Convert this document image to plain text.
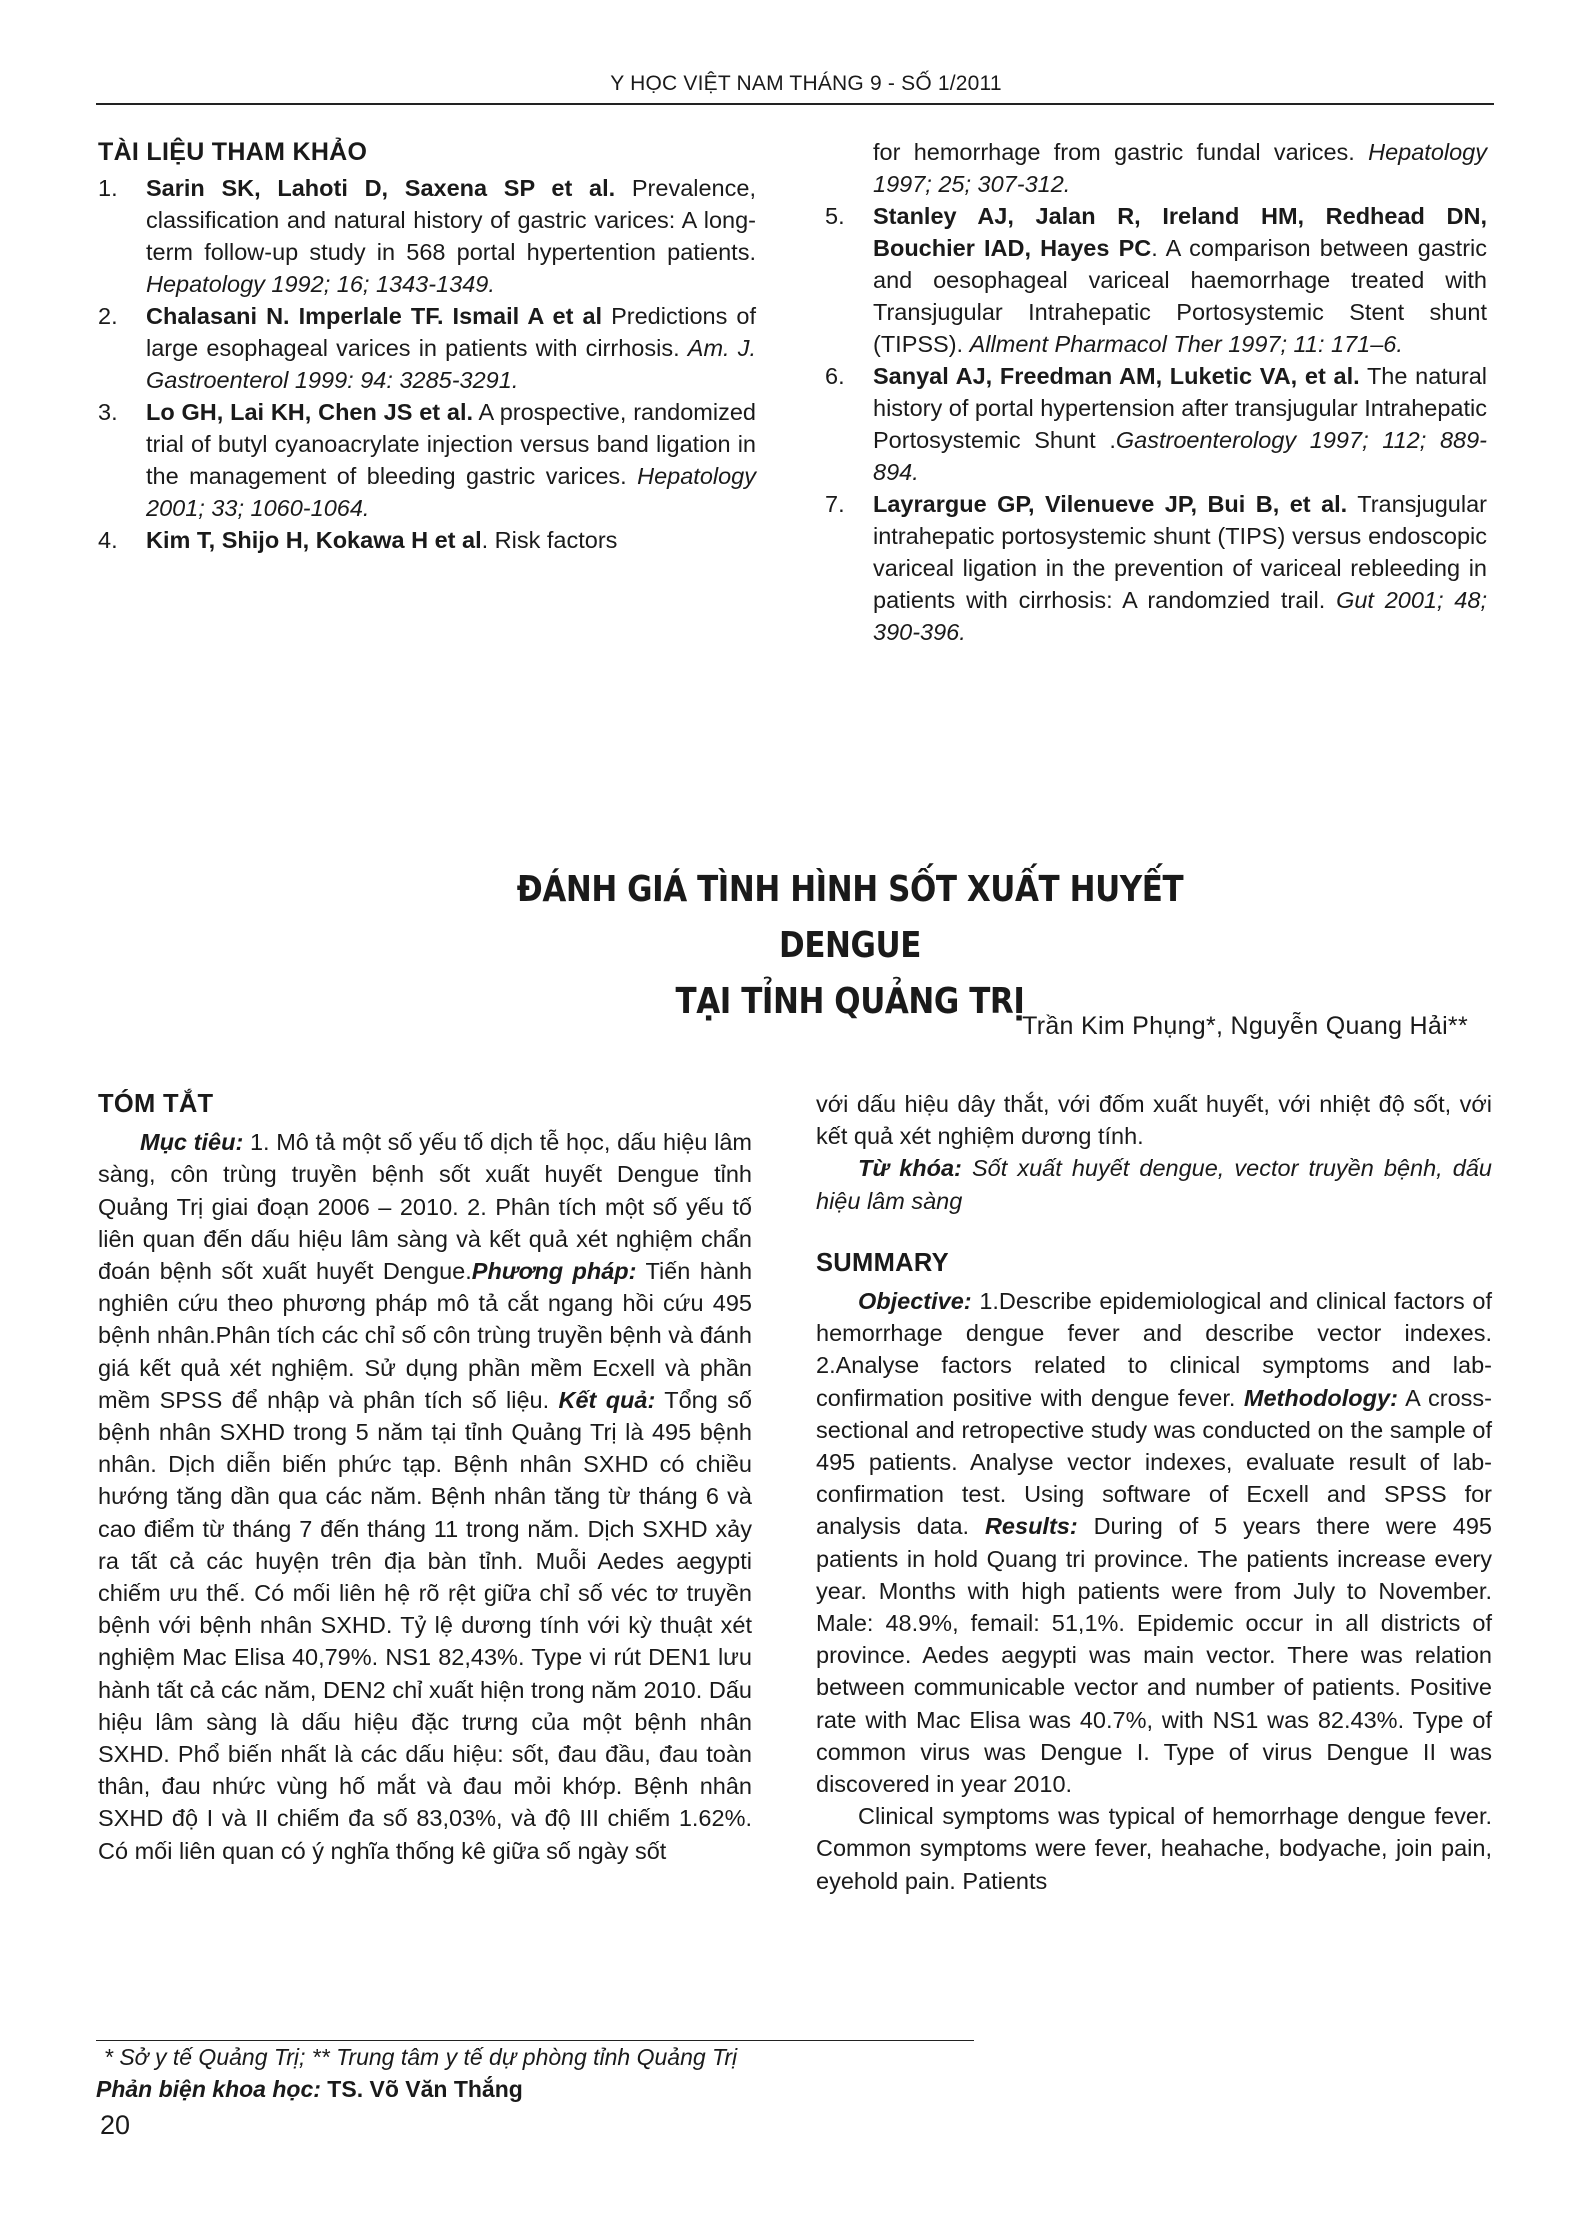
Y HỌC VIỆT NAM THÁNG 9 - SỐ 1/2011
TÀI LIỆU THAM KHẢO

1. Sarin SK, Lahoti D, Saxena SP et al. Prevalence, classification and natural history of gastric varices: A long-term follow-up study in 568 portal hypertention patients. Hepatology 1992; 16; 1343-1349.

2. Chalasani N. Imperlale TF. Ismail A et al Predictions of large esophageal varices in patients with cirrhosis. Am. J. Gastroenterol 1999: 94: 3285-3291.

3. Lo GH, Lai KH, Chen JS et al. A prospective, randomized trial of butyl cyanoacrylate injection versus band ligation in the management of bleeding gastric varices. Hepatology 2001; 33; 1060-1064.

4. Kim T, Shijo H, Kokawa H et al. Risk factors

for hemorrhage from gastric fundal varices. Hepatology 1997; 25; 307-312.

5. Stanley AJ, Jalan R, Ireland HM, Redhead DN, Bouchier IAD, Hayes PC. A comparison between gastric and oesophageal variceal haemorrhage treated with Transjugular Intrahepatic Portosystemic Stent shunt (TIPSS). Allment Pharmacol Ther 1997; 11: 171–6.

6. Sanyal AJ, Freedman AM, Luketic VA, et al. The natural history of portal hypertension after transjugular Intrahepatic Portosystemic Shunt .Gastroenterology 1997; 112; 889-894.

7. Layrargue GP, Vilenueve JP, Bui B, et al. Transjugular intrahepatic portosystemic shunt (TIPS) versus endoscopic variceal ligation in the prevention of variceal rebleeding in patients with cirrhosis: A randomzied trail. Gut 2001; 48; 390-396.

ĐÁNH GIÁ TÌNH HÌNH SỐT XUẤT HUYẾT DENGUE
TẠI TỈNH QUẢNG TRỊ
Trần Kim Phụng*, Nguyễn Quang Hải**
TÓM TẮT

Mục tiêu: 1. Mô tả một số yếu tố dịch tễ học, dấu hiệu lâm sàng, côn trùng truyền bệnh sốt xuất huyết Dengue tỉnh Quảng Trị giai đoạn 2006 – 2010. 2. Phân tích một số yếu tố liên quan đến dấu hiệu lâm sàng và kết quả xét nghiệm chẩn đoán bệnh sốt xuất huyết Dengue.Phương pháp: Tiến hành nghiên cứu theo phương pháp mô tả cắt ngang hồi cứu 495 bệnh nhân.Phân tích các chỉ số côn trùng truyền bệnh và đánh giá kết quả xét nghiệm. Sử dụng phần mềm Ecxell và phần mềm SPSS để nhập và phân tích số liệu. Kết quả: Tổng số bệnh nhân SXHD trong 5 năm tại tỉnh Quảng Trị là 495 bệnh nhân. Dịch diễn biến phức tạp. Bệnh nhân SXHD có chiều hướng tăng dần qua các năm. Bệnh nhân tăng từ tháng 6 và cao điểm từ tháng 7 đến tháng 11 trong năm. Dịch SXHD xảy ra tất cả các huyện trên địa bàn tỉnh. Muỗi Aedes aegypti chiếm ưu thế. Có mối liên hệ rõ rệt giữa chỉ số véc tơ truyền bệnh với bệnh nhân SXHD. Tỷ lệ dương tính với kỳ thuật xét nghiệm Mac Elisa 40,79%. NS1 82,43%. Type vi rút DEN1 lưu hành tất cả các năm, DEN2 chỉ xuất hiện trong năm 2010. Dấu hiệu lâm sàng là dấu hiệu đặc trưng của một bệnh nhân SXHD. Phổ biến nhất là các dấu hiệu: sốt, đau đầu, đau toàn thân, đau nhức vùng hố mắt và đau mỏi khớp. Bệnh nhân SXHD độ I và II chiếm đa số 83,03%, và độ III chiếm 1.62%. Có mối liên quan có ý nghĩa thống kê giữa số ngày sốt

với dấu hiệu dây thắt, với đốm xuất huyết, với nhiệt độ sốt, với kết quả xét nghiệm dương tính.

Từ khóa: Sốt xuất huyết dengue, vector truyền bệnh, dấu hiệu lâm sàng

SUMMARY

Objective: 1.Describe epidemiological and clinical factors of hemorrhage dengue fever and describe vector indexes. 2.Analyse factors related to clinical symptoms and lab-confirmation positive with dengue fever. Methodology: A cross-sectional and retropective study was conducted on the sample of 495 patients. Analyse vector indexes, evaluate result of lab-confirmation test. Using software of Ecxell and SPSS for analysis data. Results: During of 5 years there were 495 patients in hold Quang tri province. The patients increase every year. Months with high patients were from July to November. Male: 48.9%, femail: 51,1%. Epidemic occur in all districts of province. Aedes aegypti was main vector. There was relation between communicable vector and number of patients. Positive rate with Mac Elisa was 40.7%, with NS1 was 82.43%. Type of common virus was Dengue I. Type of virus Dengue II was discovered in year 2010.

Clinical symptoms was typical of hemorrhage dengue fever. Common symptoms were fever, heahache, bodyache, join pain, eyehold pain. Patients

* Sở y tế Quảng Trị; ** Trung tâm y tế dự phòng tỉnh Quảng Trị
Phản biện khoa học: TS. Võ Văn Thắng
20
